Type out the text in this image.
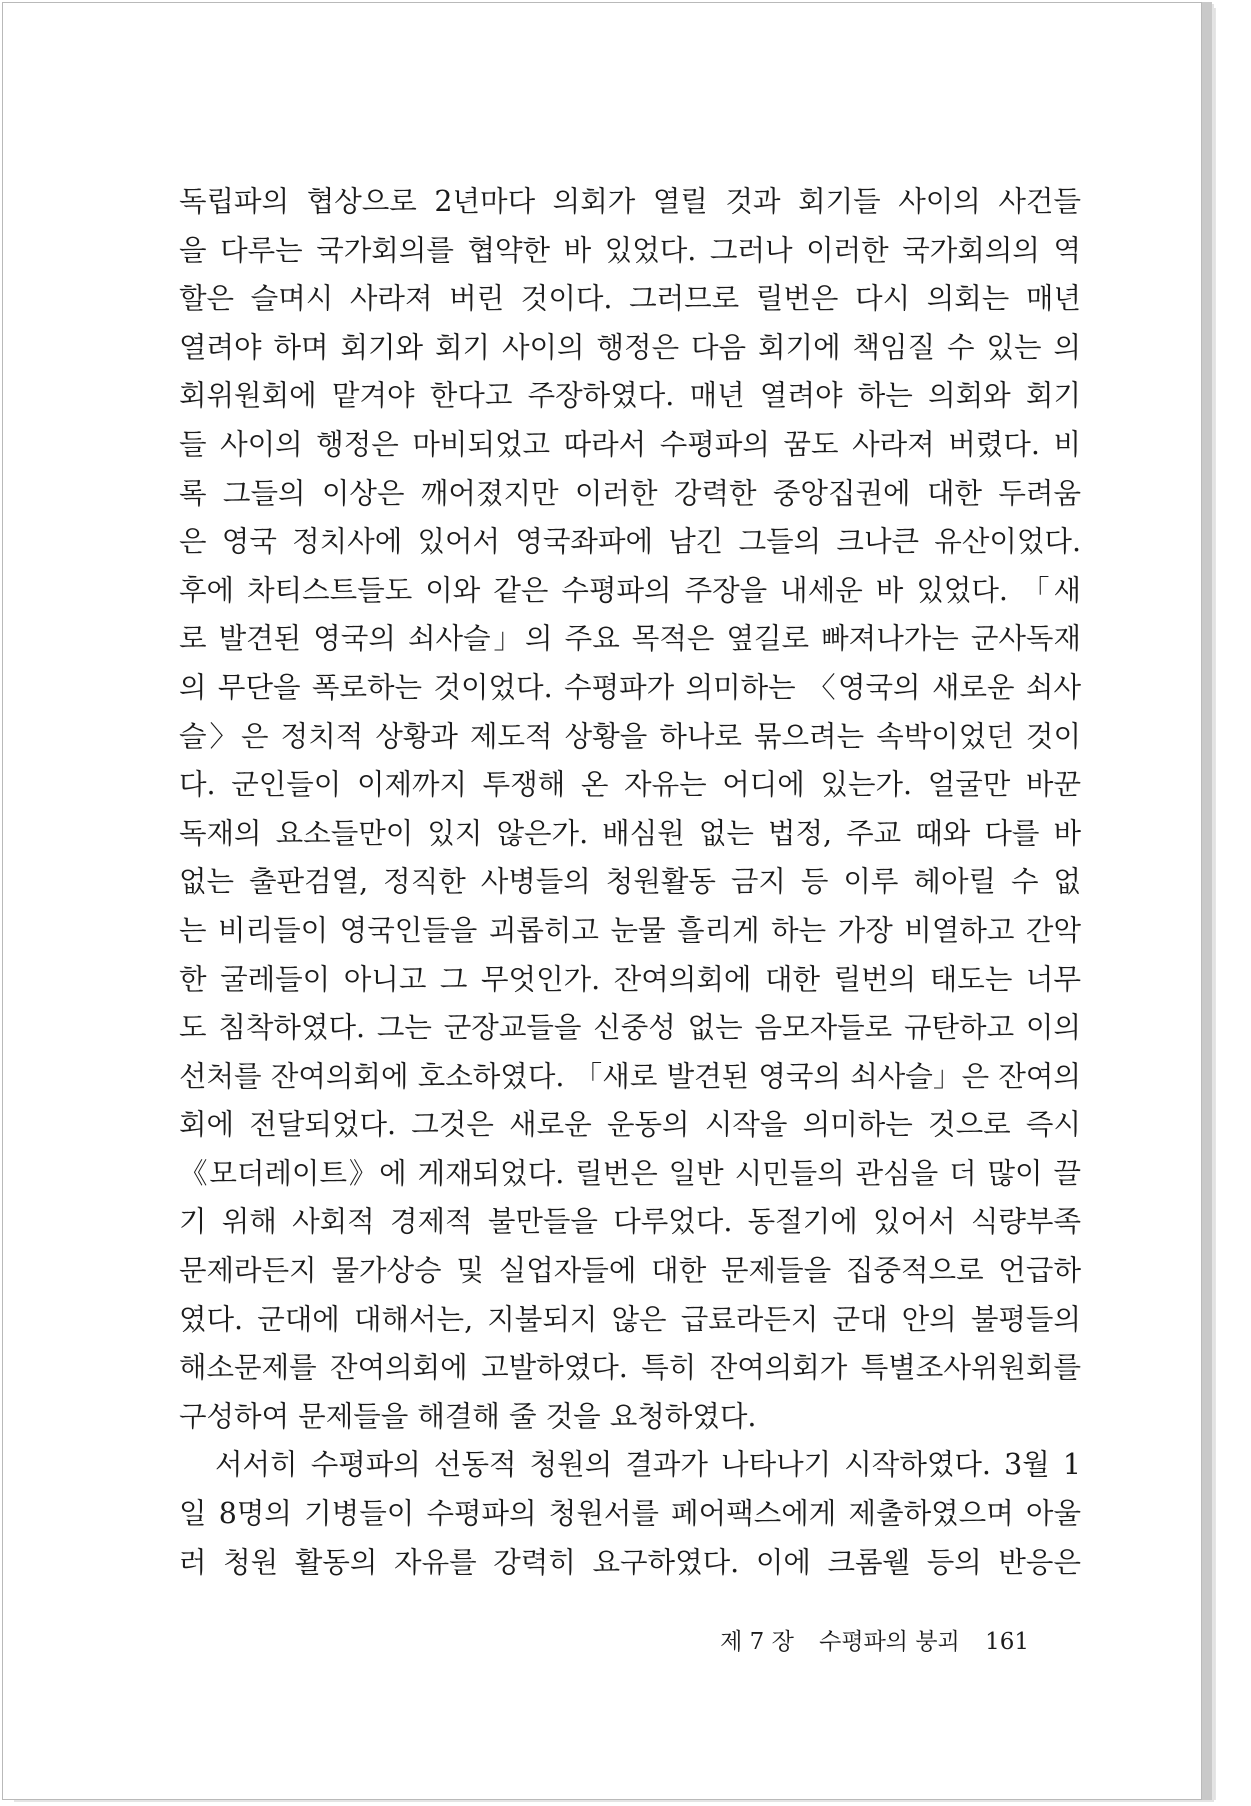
독립파의 협상으로 2년마다 의회가 열릴 것과 회기들 사이의 사건들
을 다루는 국가회의를 협약한 바 있었다. 그러나 이러한 국가회의의 역
할은 슬며시 사라져 버린 것이다. 그러므로 릴번은 다시 의회는 매년
열려야 하며 회기와 회기 사이의 행정은 다음 회기에 책임질 수 있는 의
회위원회에 맡겨야 한다고 주장하였다. 매년 열려야 하는 의회와 회기
들 사이의 행정은 마비되었고 따라서 수평파의 꿈도 사라져 버렸다. 비
록 그들의 이상은 깨어졌지만 이러한 강력한 중앙집권에 대한 두려움
은 영국 정치사에 있어서 영국좌파에 남긴 그들의 크나큰 유산이었다.
후에 차티스트들도 이와 같은 수평파의 주장을 내세운 바 있었다. 「새
로 발견된 영국의 쇠사슬」의 주요 목적은 옆길로 빠져나가는 군사독재
의 무단을 폭로하는 것이었다. 수평파가 의미하는 〈영국의 새로운 쇠사
슬〉은 정치적 상황과 제도적 상황을 하나로 묶으려는 속박이었던 것이
다. 군인들이 이제까지 투쟁해 온 자유는 어디에 있는가. 얼굴만 바꾼
독재의 요소들만이 있지 않은가. 배심원 없는 법정, 주교 때와 다를 바
없는 출판검열, 정직한 사병들의 청원활동 금지 등 이루 헤아릴 수 없
는 비리들이 영국인들을 괴롭히고 눈물 흘리게 하는 가장 비열하고 간악
한 굴레들이 아니고 그 무엇인가. 잔여의회에 대한 릴번의 태도는 너무
도 침착하였다. 그는 군장교들을 신중성 없는 음모자들로 규탄하고 이의
선처를 잔여의회에 호소하였다. 「새로 발견된 영국의 쇠사슬」은 잔여의
회에 전달되었다. 그것은 새로운 운동의 시작을 의미하는 것으로 즉시
《모더레이트》에 게재되었다. 릴번은 일반 시민들의 관심을 더 많이 끌
기 위해 사회적 경제적 불만들을 다루었다. 동절기에 있어서 식량부족
문제라든지 물가상승 및 실업자들에 대한 문제들을 집중적으로 언급하
였다. 군대에 대해서는, 지불되지 않은 급료라든지 군대 안의 불평들의
해소문제를 잔여의회에 고발하였다. 특히 잔여의회가 특별조사위원회를
구성하여 문제들을 해결해 줄 것을 요청하였다.
서서히 수평파의 선동적 청원의 결과가 나타나기 시작하였다. 3월 1
일 8명의 기병들이 수평파의 청원서를 페어팩스에게 제출하였으며 아울
러 청원 활동의 자유를 강력히 요구하였다. 이에 크롬웰 등의 반응은
제 7 장 수평파의 붕괴 161
